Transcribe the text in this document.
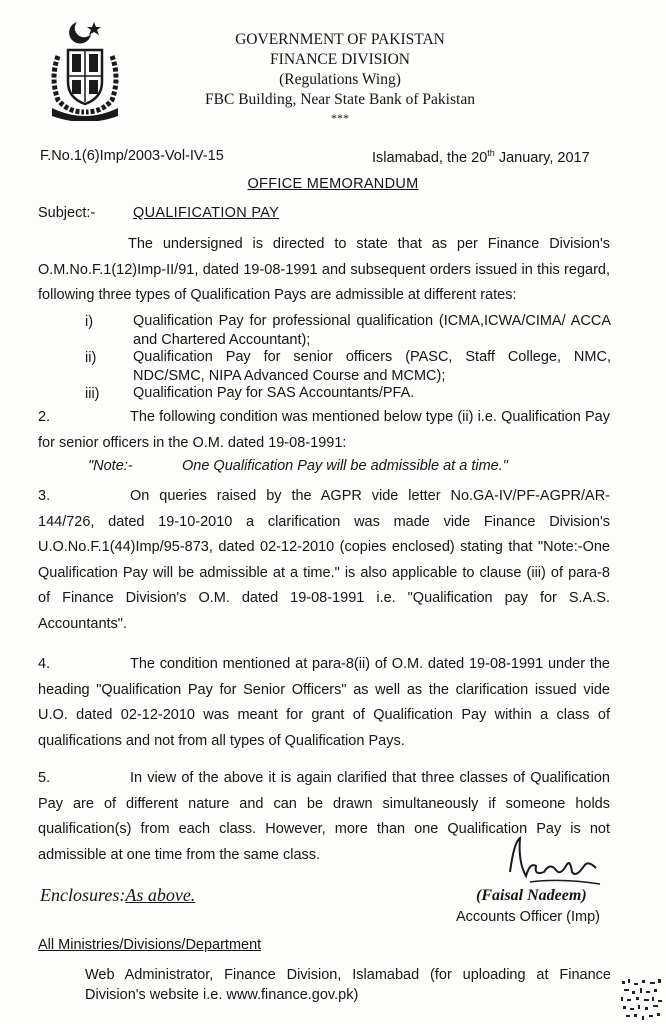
GOVERNMENT OF PAKISTAN
FINANCE DIVISION
(Regulations Wing)
FBC Building, Near State Bank of Pakistan
***
F.No.1(6)Imp/2003-Vol-IV-15	Islamabad, the 20th January, 2017
OFFICE MEMORANDUM
Subject:-	QUALIFICATION PAY
The undersigned is directed to state that as per Finance Division's O.M.No.F.1(12)Imp-II/91, dated 19-08-1991 and subsequent orders issued in this regard, following three types of Qualification Pays are admissible at different rates:
i)	Qualification Pay for professional qualification (ICMA,ICWA/CIMA/ ACCA and Chartered Accountant);
ii)	Qualification Pay for senior officers (PASC, Staff College, NMC, NDC/SMC, NIPA Advanced Course and MCMC);
iii) Qualification Pay for SAS Accountants/PFA.
2.	The following condition was mentioned below type (ii) i.e. Qualification Pay for senior officers in the O.M. dated 19-08-1991:
"Note:-	One Qualification Pay will be admissible at a time."
3.	On queries raised by the AGPR vide letter No.GA-IV/PF-AGPR/AR-144/726, dated 19-10-2010 a clarification was made vide Finance Division's U.O.No.F.1(44)Imp/95-873, dated 02-12-2010 (copies enclosed) stating that "Note:-One Qualification Pay will be admissible at a time." is also applicable to clause (iii) of para-8 of Finance Division's O.M. dated 19-08-1991 i.e. "Qualification pay for S.A.S. Accountants".
4.	The condition mentioned at para-8(ii) of O.M. dated 19-08-1991 under the heading "Qualification Pay for Senior Officers" as well as the clarification issued vide U.O. dated 02-12-2010 was meant for grant of Qualification Pay within a class of qualifications and not from all types of Qualification Pays.
5.	In view of the above it is again clarified that three classes of Qualification Pay are of different nature and can be drawn simultaneously if someone holds qualification(s) from each class. However, more than one Qualification Pay is not admissible at one time from the same class.
Enclosures:As above.	(Faisal Nadeem)
Accounts Officer (Imp)
All Ministries/Divisions/Department
Web Administrator, Finance Division, Islamabad (for uploading at Finance Division's website i.e. www.finance.gov.pk)
